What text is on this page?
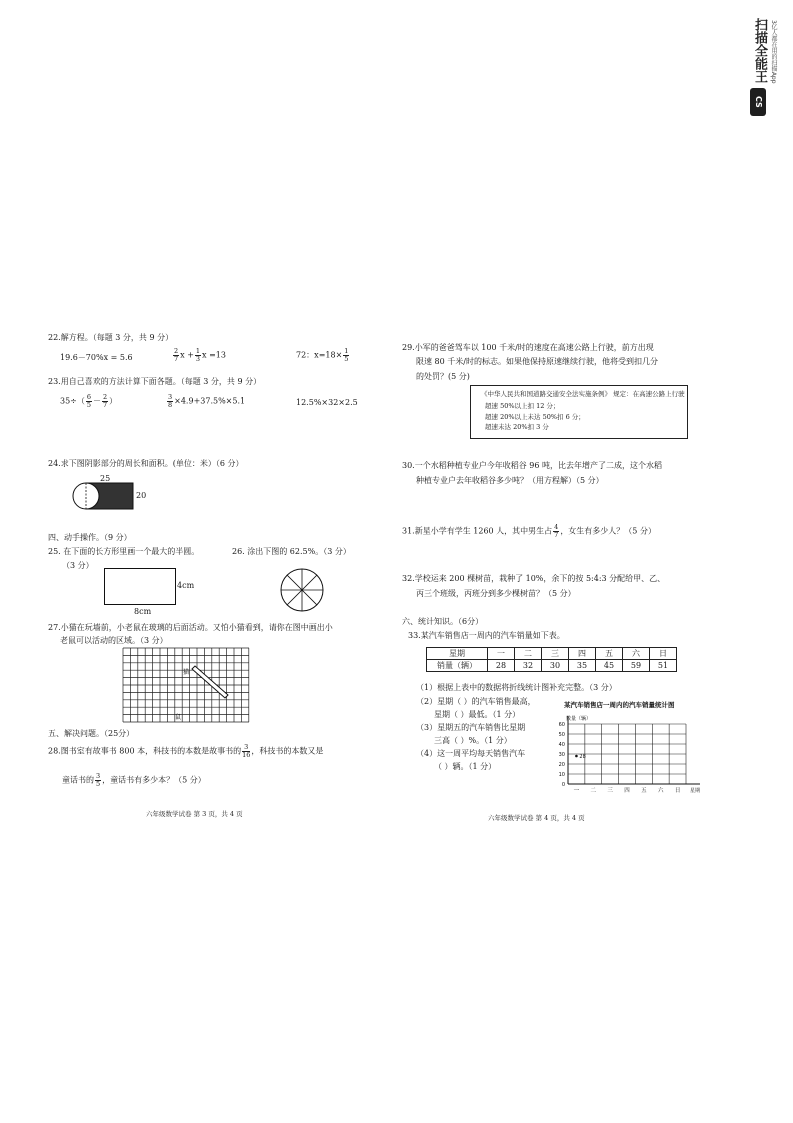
扫描全能王
CS
3亿人都在用的扫描App
22.解方程。（每题 3 分，共 9 分）
19.6－70%x = 5.6	$\frac{2}{7}$ $x + \frac{1}{3}$ x =13	72：$x=18\times \frac{1}{5}$
23.用自己喜欢的方法计算下面各题。（每题 3 分，共 9 分）
$35\div( \frac{6}{5} - \frac{2}{7}$ ）	$\frac{3}{8} \times 4.9+37.5\%\times 5.1$	12.5%×32×2.5
24.求下图阴影部分的周长和面积。(单位：米）（6 分）
25
20
四、动手操作。（9 分）
25. 在下面的长方形里画一个最大的半圆。	26. 涂出下图的 62.5%。（3 分）
（3 分）
4cm
8cm
27.小猫在玩墙前，小老鼠在玻璃的后面活动。又怕小猫看到，请你在图中画出小
老鼠可以活动的区域。（3 分）
猫
鼠
五、解决问题。（25分）
28.图书室有故事书 800 本，科技书的本数是故事书的 $\frac{3}{16}$ ，科技书的本数又是
童话书的 $\frac{3}{5}$ ，童话书有多少本？（5 分）
六年级数学试卷 第 3 页，共 4 页
29.小军的爸爸驾车以 100 千米/时的速度在高速公路上行驶，前方出现
限速 80 千米/时的标志。如果他保持原速继续行驶，他将受到扣几分
的处罚？(5 分)
《中华人民共和国道路交通安全法实施条例》 规定：在高速公路上行驶
超速 50%以上扣 12 分；
超速 20%以上未达 50%扣 6 分；
超速未达 20%扣 3 分
30.一个水稻种植专业户今年收稻谷 96 吨，比去年增产了二成，这个水稻
种植专业户去年收稻谷多少吨？（用方程解）（5 分）
31.新星小学有学生 1260 人，其中男生占 $\frac{4}{7}$ ，女生有多少人？（5 分）
32.学校运来 200 棵树苗，栽种了 10%，余下的按 5:4:3 分配给甲、乙、
丙三个班级，丙班分到多少棵树苗？（5 分）
六、统计知识。（6分）
33.某汽车销售店一周内的汽车销量如下表。
星期	一	二	三	四	五	六	日
销量（辆）	28	32	30	35	45	59	51
（1）根据上表中的数据将折线统计图补充完整。（3 分）
（2）星期（ ）的汽车销售最高，
星期（ ）最低。（1 分）
（3）星期五的汽车销售比星期
三高（ ）%。（1 分）
（4）这一周平均每天销售汽车
（ ）辆。（1 分）
某汽车销售店一周内的汽车销量统计图
数量（辆）
星期
60
50
40
30
20
10
0
一 二 三 四 五 六 日
28
六年级数学试卷 第 4 页，共 4 页
